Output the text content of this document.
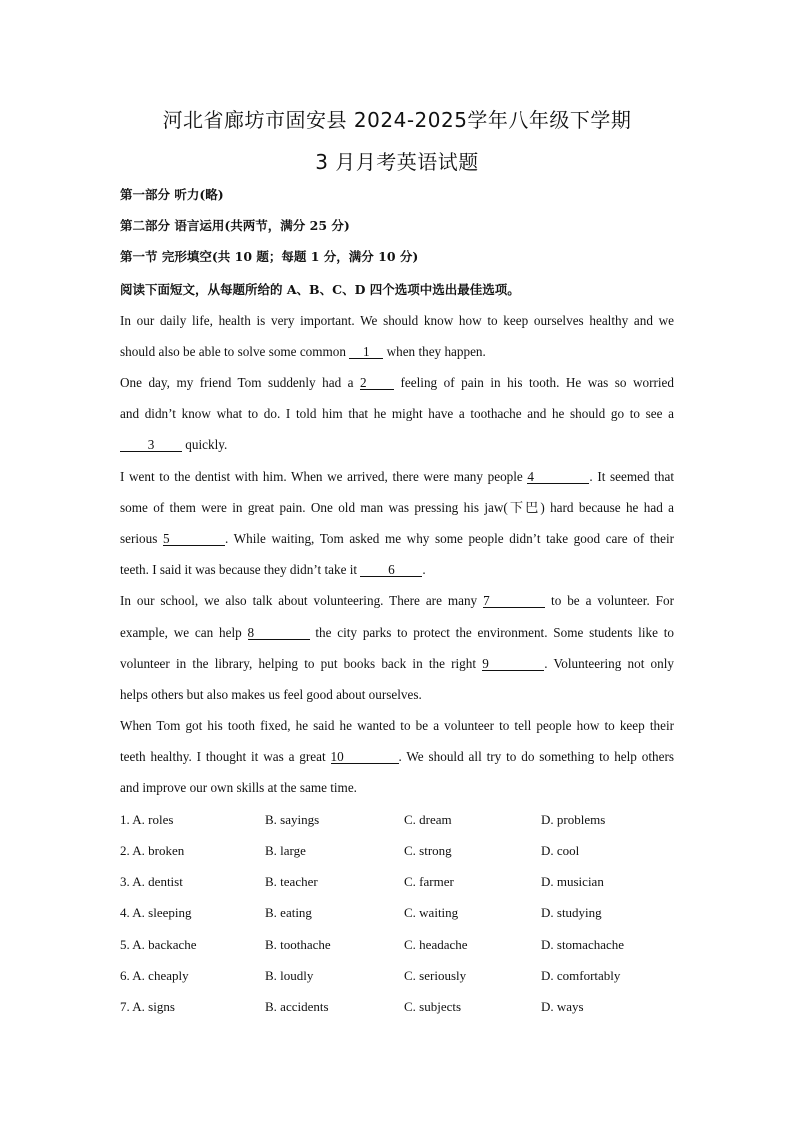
河北省廊坊市固安县 2024-2025学年八年级下学期
3 月月考英语试题
第一部分 听力(略)
第二部分 语言运用(共两节，满分 25 分)
第一节 完形填空(共 10 题；每题 1 分，满分 10 分)
阅读下面短文，从每题所给的 A、B、C、D 四个选项中选出最佳选项。
In our daily life, health is very important. We should know how to keep ourselves healthy and we
should also be able to solve some common 1 when they happen.
One day, my friend Tom suddenly had a 2 feeling of pain in his tooth. He was so worried
and didn’t know what to do. I told him that he might have a toothache and he should go to see a
3 quickly.
I went to the dentist with him. When we arrived, there were many people 4	. It seemed that
some of them were in great pain. One old man was pressing his jaw(下巴) hard because he had a
serious 5	. While waiting, Tom asked me why some people didn’t take good care of their
teeth. I said it was because they didn’t take it 6 .
In our school, we also talk about volunteering. There are many 7	to be a volunteer. For
example, we can help 8	the city parks to protect the environment. Some students like to
volunteer in the library, helping to put books back in the right 9	. Volunteering not only
helps others but also makes us feel good about ourselves.
When Tom got his tooth fixed, he said he wanted to be a volunteer to tell people how to keep their
teeth healthy. I thought it was a great 10	. We should all try to do something to help others
and improve our own skills at the same time.
1. A. roles	B. sayings	C. dream	D. problems
2. A. broken	B. large	C. strong	D. cool
3. A. dentist	B. teacher	C. farmer	D. musician
4. A. sleeping	B. eating	C. waiting	D. studying
5. A. backache	B. toothache	C. headache	D. stomachache
6. A. cheaply	B. loudly	C. seriously	D. comfortably
7. A. signs	B. accidents	C. subjects	D. ways
